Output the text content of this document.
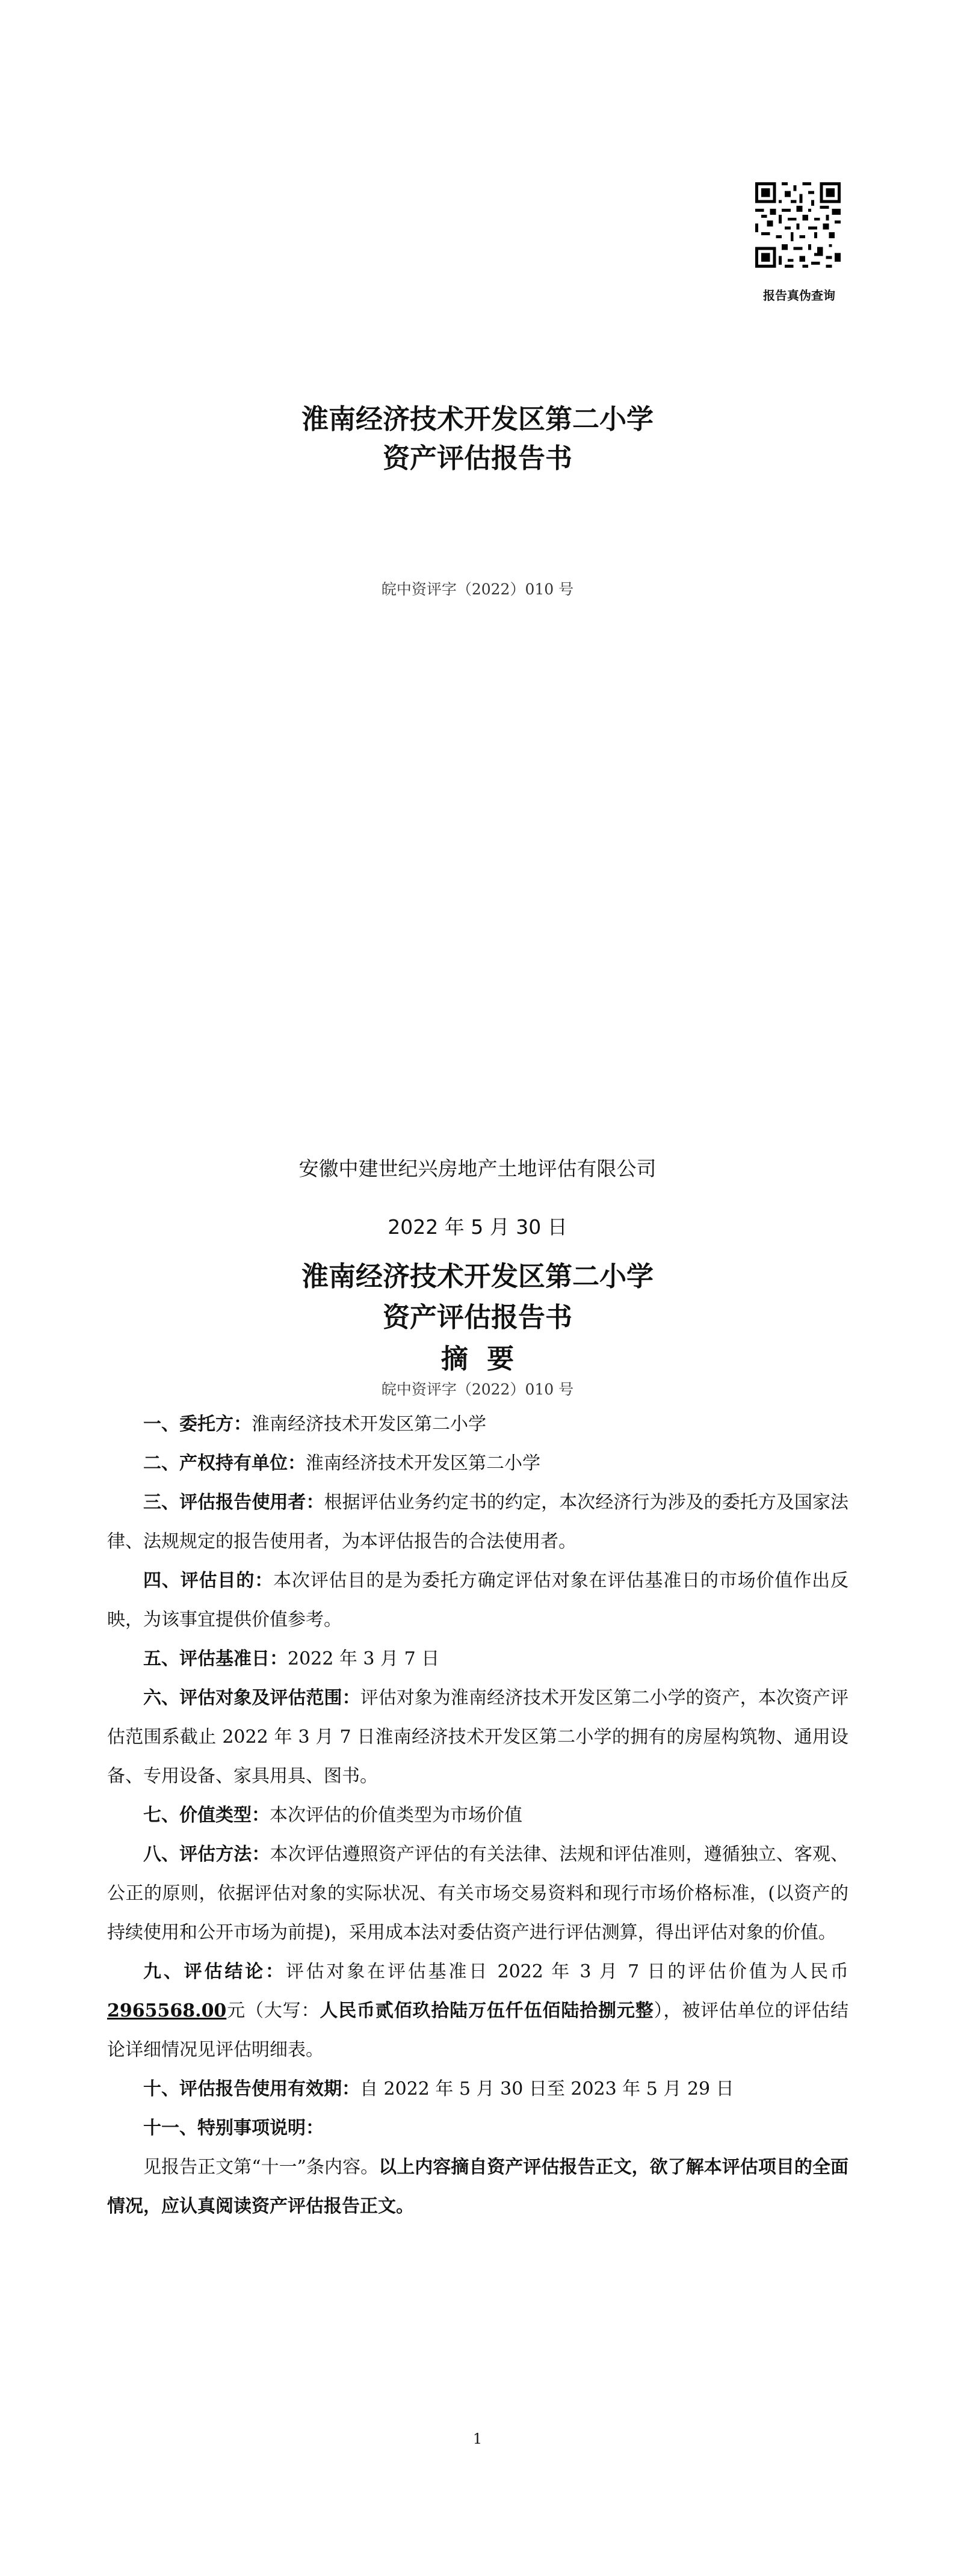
报告真伪查询
淮南经济技术开发区第二小学
资产评估报告书
皖中资评字（2022）010 号
安徽中建世纪兴房地产土地评估有限公司
2022 年 5 月 30 日
淮南经济技术开发区第二小学
资产评估报告书
摘  要
皖中资评字（2022）010 号

一、委托方：淮南经济技术开发区第二小学

二、产权持有单位：淮南经济技术开发区第二小学

三、评估报告使用者：根据评估业务约定书的约定，本次经济行为涉及的委托方及国家法律、法规规定的报告使用者，为本评估报告的合法使用者。

四、评估目的：本次评估目的是为委托方确定评估对象在评估基准日的市场价值作出反映，为该事宜提供价值参考。

五、评估基准日：2022 年 3 月 7 日

六、评估对象及评估范围：评估对象为淮南经济技术开发区第二小学的资产，本次资产评估范围系截止 2022 年 3 月 7 日淮南经济技术开发区第二小学的拥有的房屋构筑物、通用设备、专用设备、家具用具、图书。

七、价值类型：本次评估的价值类型为市场价值

八、评估方法：本次评估遵照资产评估的有关法律、法规和评估准则，遵循独立、客观、公正的原则，依据评估对象的实际状况、有关市场交易资料和现行市场价格标准，(以资产的持续使用和公开市场为前提)，采用成本法对委估资产进行评估测算，得出评估对象的价值。

九、评估结论：评估对象在评估基准日 2022 年 3 月 7 日的评估价值为人民币2965568.00元（大写：人民币贰佰玖拾陆万伍仟伍佰陆拾捌元整），被评估单位的评估结论详细情况见评估明细表。

十、评估报告使用有效期：自 2022 年 5 月 30 日至 2023 年 5 月 29 日

十一、特别事项说明：

见报告正文第“十一”条内容。以上内容摘自资产评估报告正文，欲了解本评估项目的全面情况，应认真阅读资产评估报告正文。

1
